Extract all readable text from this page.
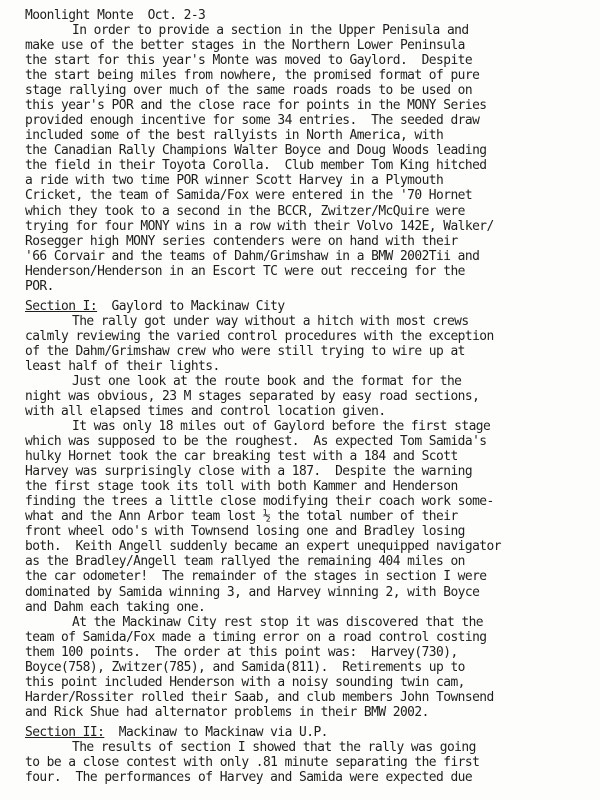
Moonlight Monte  Oct. 2-3
In order to provide a section in the Upper Penisula and
make use of the better stages in the Northern Lower Peninsula
the start for this year's Monte was moved to Gaylord.  Despite
the start being miles from nowhere, the promised format of pure
stage rallying over much of the same roads roads to be used on
this year's POR and the close race for points in the MONY Series
provided enough incentive for some 34 entries.  The seeded draw
included some of the best rallyists in North America, with
the Canadian Rally Champions Walter Boyce and Doug Woods leading
the field in their Toyota Corolla.  Club member Tom King hitched
a ride with two time POR winner Scott Harvey in a Plymouth
Cricket, the team of Samida/Fox were entered in the '70 Hornet
which they took to a second in the BCCR, Zwitzer/McQuire were
trying for four MONY wins in a row with their Volvo 142E, Walker/
Rosegger high MONY series contenders were on hand with their
'66 Corvair and the teams of Dahm/Grimshaw in a BMW 2002Tii and
Henderson/Henderson in an Escort TC were out recceing for the
POR.
Section I:  Gaylord to Mackinaw City
The rally got under way without a hitch with most crews
calmly reviewing the varied control procedures with the exception
of the Dahm/Grimshaw crew who were still trying to wire up at
least half of their lights.
Just one look at the route book and the format for the
night was obvious, 23 M stages separated by easy road sections,
with all elapsed times and control location given.
It was only 18 miles out of Gaylord before the first stage
which was supposed to be the roughest.  As expected Tom Samida's
hulky Hornet took the car breaking test with a 184 and Scott
Harvey was surprisingly close with a 187.  Despite the warning
the first stage took its toll with both Kammer and Henderson
finding the trees a little close modifying their coach work some-
what and the Ann Arbor team lost ½ the total number of their
front wheel odo's with Townsend losing one and Bradley losing
both.  Keith Angell suddenly became an expert unequipped navigator
as the Bradley/Angell team rallyed the remaining 404 miles on
the car odometer!  The remainder of the stages in section I were
dominated by Samida winning 3, and Harvey winning 2, with Boyce
and Dahm each taking one.
At the Mackinaw City rest stop it was discovered that the
team of Samida/Fox made a timing error on a road control costing
them 100 points.  The order at this point was:  Harvey(730),
Boyce(758), Zwitzer(785), and Samida(811).  Retirements up to
this point included Henderson with a noisy sounding twin cam,
Harder/Rossiter rolled their Saab, and club members John Townsend
and Rick Shue had alternator problems in their BMW 2002.
Section II:  Mackinaw to Mackinaw via U.P.
The results of section I showed that the rally was going
to be a close contest with only .81 minute separating the first
four.  The performances of Harvey and Samida were expected due
